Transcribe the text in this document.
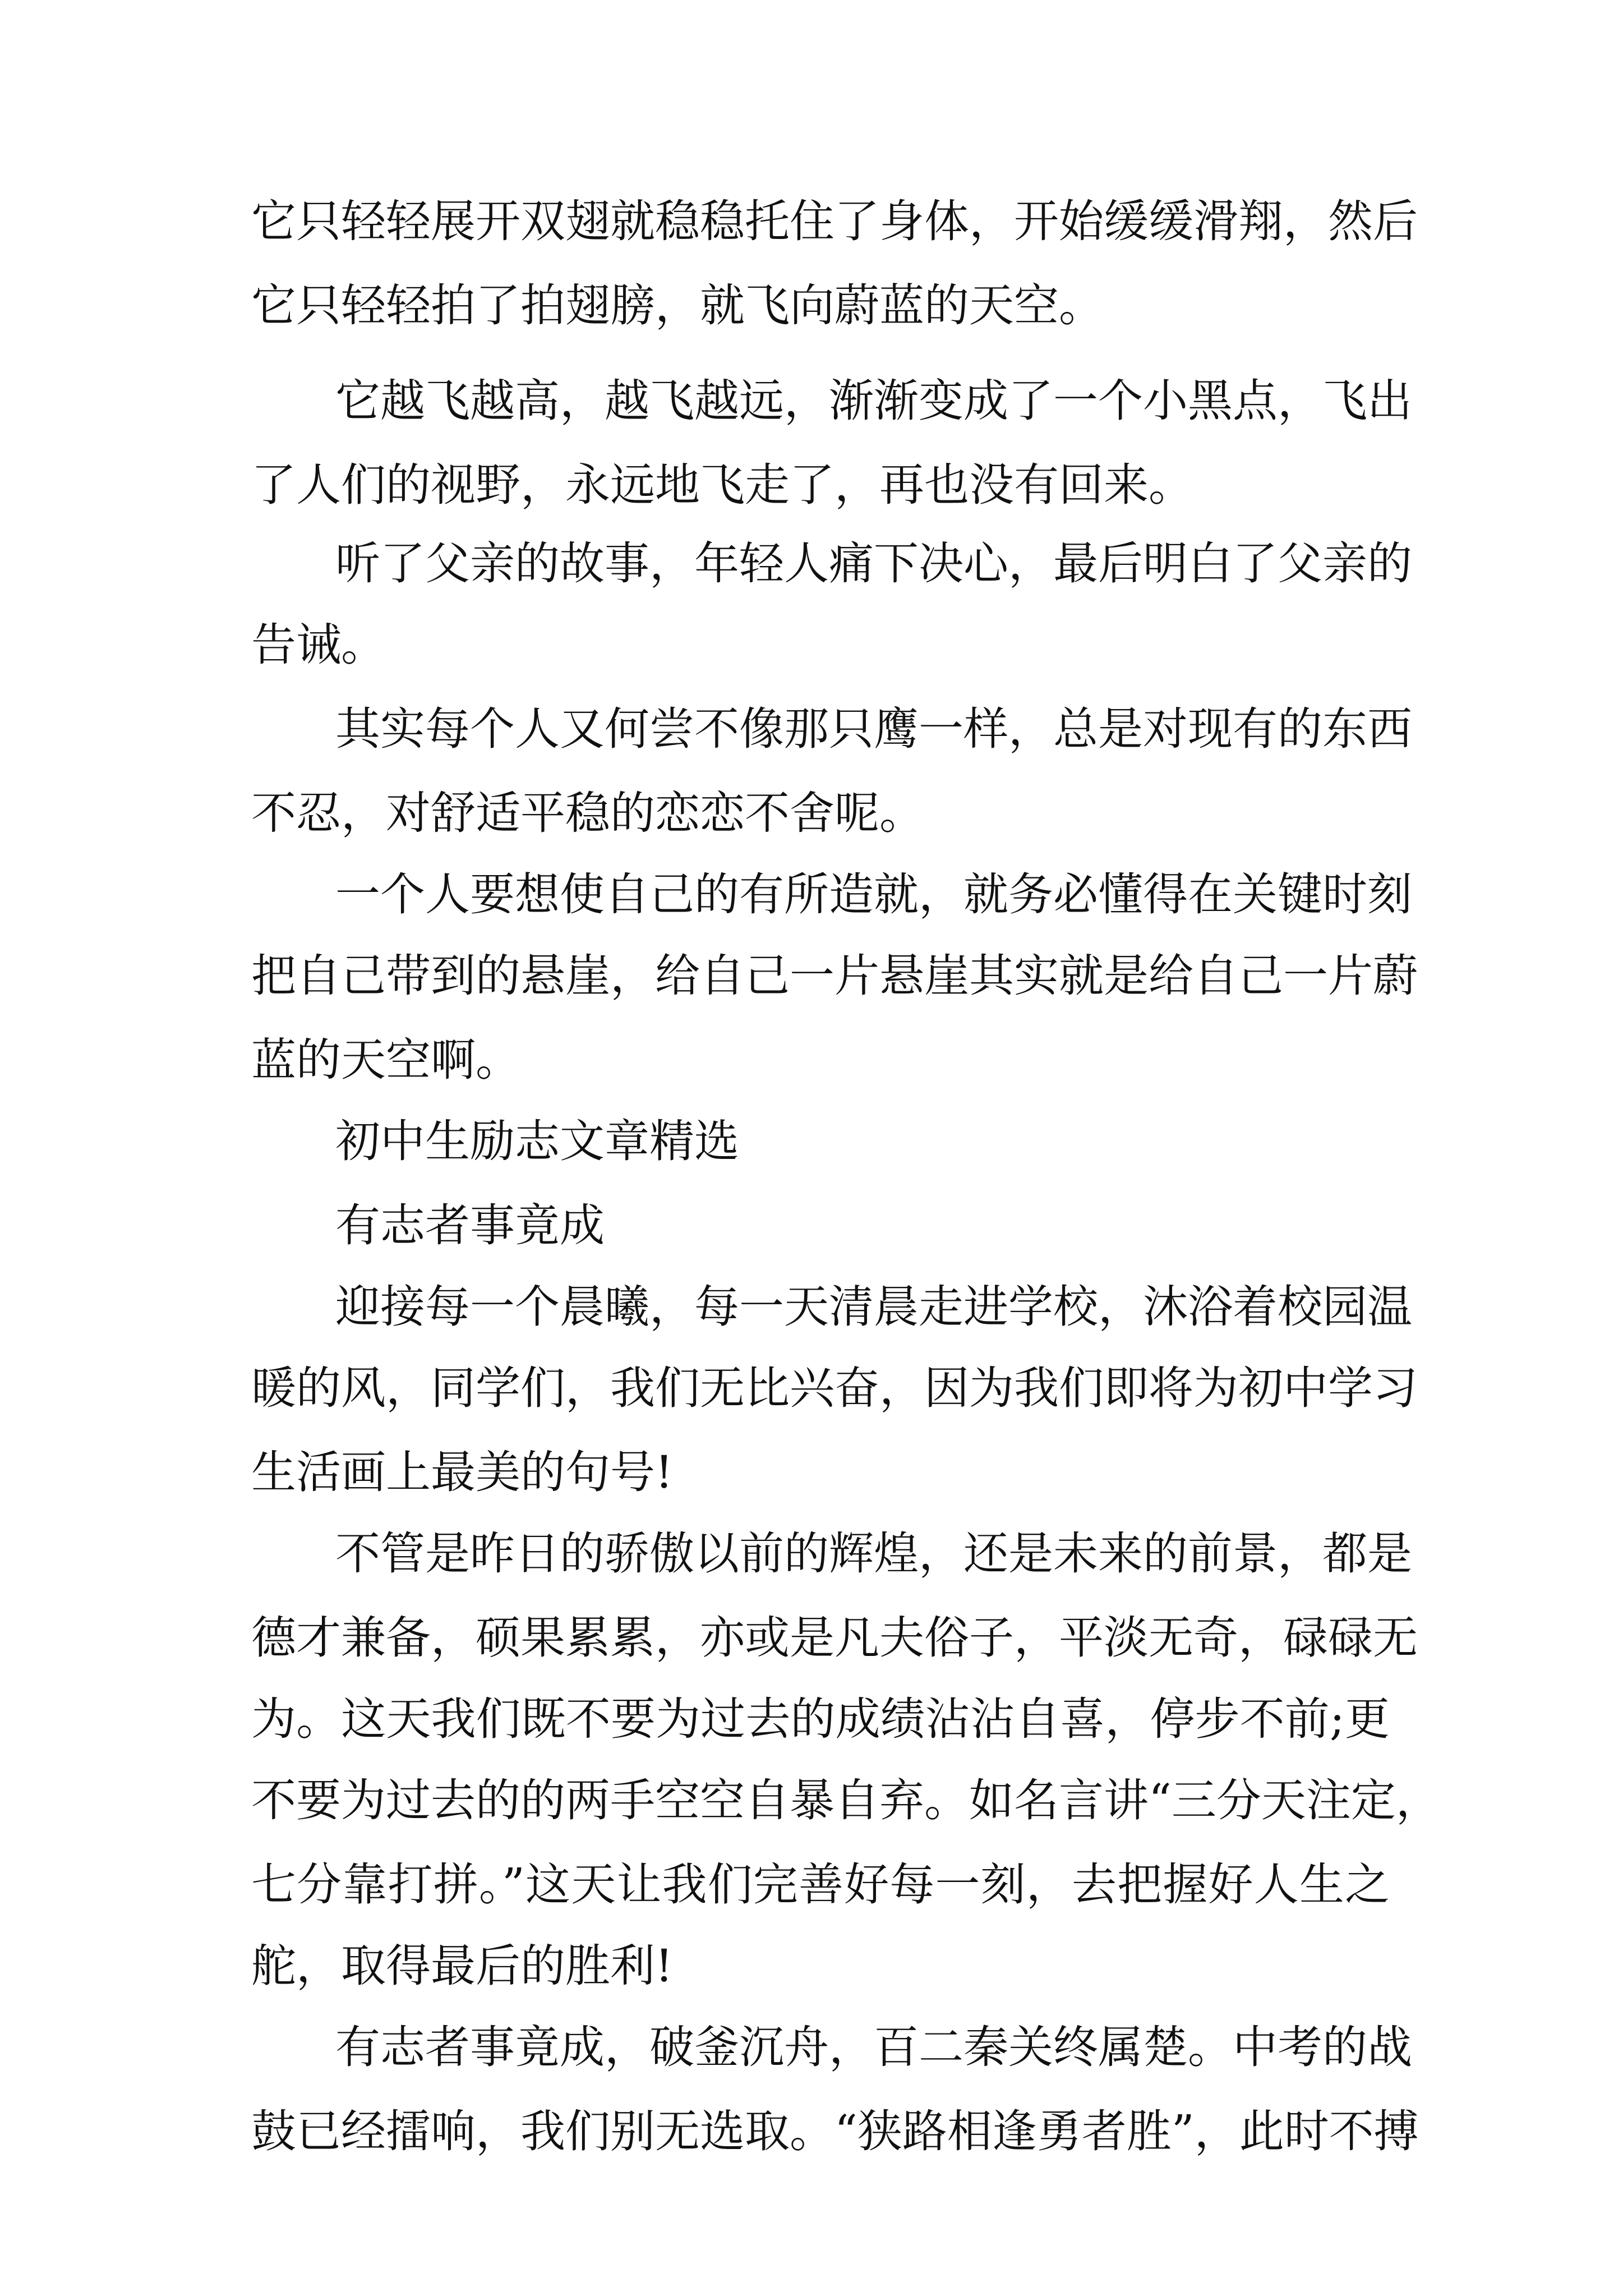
它只轻轻展开双翅就稳稳托住了身体，开始缓缓滑翔，然后
它只轻轻拍了拍翅膀，就飞向蔚蓝的天空。
它越飞越高，越飞越远，渐渐变成了一个小黑点，飞出
了人们的视野，永远地飞走了，再也没有回来。
听了父亲的故事，年轻人痛下决心，最后明白了父亲的
告诫。
其实每个人又何尝不像那只鹰一样，总是对现有的东西
不忍，对舒适平稳的恋恋不舍呢。
一个人要想使自己的有所造就，就务必懂得在关键时刻
把自己带到的悬崖，给自己一片悬崖其实就是给自己一片蔚
蓝的天空啊。
初中生励志文章精选
有志者事竟成
迎接每一个晨曦，每一天清晨走进学校，沐浴着校园温
暖的风，同学们，我们无比兴奋，因为我们即将为初中学习
生活画上最美的句号!
不管是昨日的骄傲以前的辉煌，还是未来的前景，都是
德才兼备，硕果累累，亦或是凡夫俗子，平淡无奇，碌碌无
为。这天我们既不要为过去的成绩沾沾自喜，停步不前;更
不要为过去的的两手空空自暴自弃。如名言讲“三分天注定，
七分靠打拼。”这天让我们完善好每一刻，去把握好人生之
舵，取得最后的胜利!
有志者事竟成，破釜沉舟，百二秦关终属楚。中考的战
鼓已经擂响，我们别无选取。“狭路相逢勇者胜”，此时不搏
